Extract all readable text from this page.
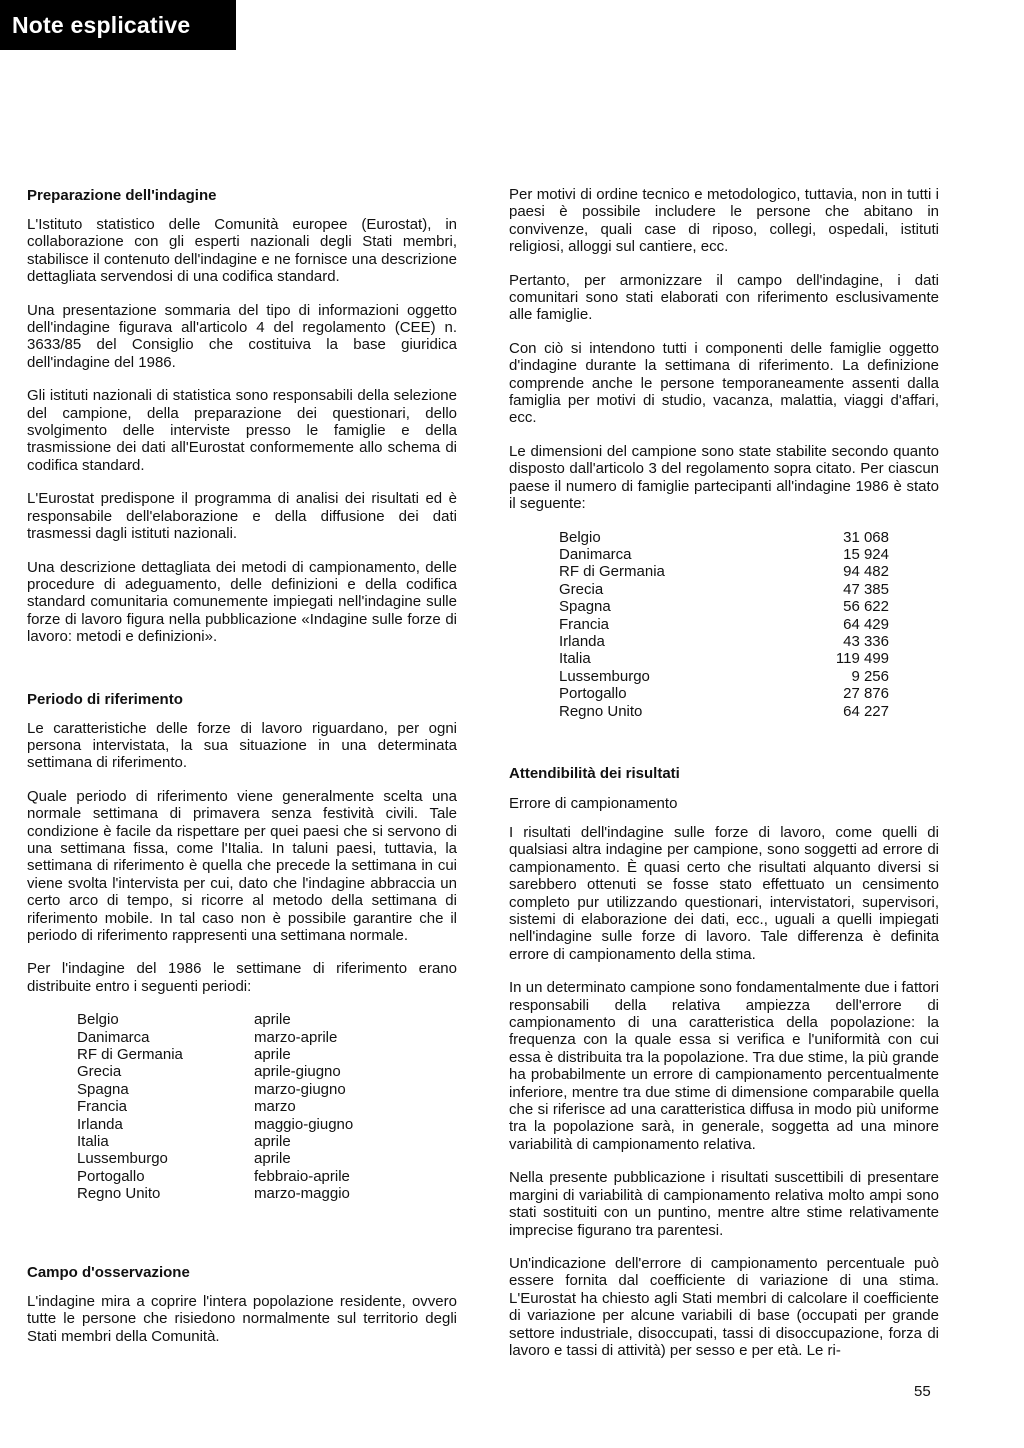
Note esplicative
Preparazione dell'indagine

L'Istituto statistico delle Comunità europee (Eurostat), in collaborazione con gli esperti nazionali degli Stati membri, stabilisce il contenuto dell'indagine e ne fornisce una descrizione dettagliata servendosi di una codifica standard.

Una presentazione sommaria del tipo di informazioni oggetto dell'indagine figurava all'articolo 4 del regolamento (CEE) n. 3633/85 del Consiglio che costituiva la base giuridica dell'indagine del 1986.

Gli istituti nazionali di statistica sono responsabili della selezione del campione, della preparazione dei questionari, dello svolgimento delle interviste presso le famiglie e della trasmissione dei dati all'Eurostat conformemente allo schema di codifica standard.

L'Eurostat predispone il programma di analisi dei risultati ed è responsabile dell'elaborazione e della diffusione dei dati trasmessi dagli istituti nazionali.

Una descrizione dettagliata dei metodi di campionamento, delle procedure di adeguamento, delle definizioni e della codifica standard comunitaria comunemente impiegati nell'indagine sulle forze di lavoro figura nella pubblicazione «Indagine sulle forze di lavoro: metodi e definizioni».

Periodo di riferimento

Le caratteristiche delle forze di lavoro riguardano, per ogni persona intervistata, la sua situazione in una determinata settimana di riferimento.

Quale periodo di riferimento viene generalmente scelta una normale settimana di primavera senza festività civili. Tale condizione è facile da rispettare per quei paesi che si servono di una settimana fissa, come l'Italia. In taluni paesi, tuttavia, la settimana di riferimento è quella che precede la settimana in cui viene svolta l'intervista per cui, dato che l'indagine abbraccia un certo arco di tempo, si ricorre al metodo della settimana di riferimento mobile. In tal caso non è possibile garantire che il periodo di riferimento rappresenti una settimana normale.

Per l'indagine del 1986 le settimane di riferimento erano distribuite entro i seguenti periodi:

Belgio	aprile
Danimarca	marzo-aprile
RF di Germania	aprile
Grecia	aprile-giugno
Spagna	marzo-giugno
Francia	marzo
Irlanda	maggio-giugno
Italia	aprile
Lussemburgo	aprile
Portogallo	febbraio-aprile
Regno Unito	marzo-maggio
Campo d'osservazione

L'indagine mira a coprire l'intera popolazione residente, ovvero tutte le persone che risiedono normalmente sul territorio degli Stati membri della Comunità.

Per motivi di ordine tecnico e metodologico, tuttavia, non in tutti i paesi è possibile includere le persone che abitano in convivenze, quali case di riposo, collegi, ospedali, istituti religiosi, alloggi sul cantiere, ecc.

Pertanto, per armonizzare il campo dell'indagine, i dati comunitari sono stati elaborati con riferimento esclusivamente alle famiglie.

Con ciò si intendono tutti i componenti delle famiglie oggetto d'indagine durante la settimana di riferimento. La definizione comprende anche le persone temporaneamente assenti dalla famiglia per motivi di studio, vacanza, malattia, viaggi d'affari, ecc.

Le dimensioni del campione sono state stabilite secondo quanto disposto dall'articolo 3 del regolamento sopra citato. Per ciascun paese il numero di famiglie partecipanti all'indagine 1986 è stato il seguente:

Belgio	31 068
Danimarca	15 924
RF di Germania	94 482
Grecia	47 385
Spagna	56 622
Francia	64 429
Irlanda	43 336
Italia	119 499
Lussemburgo	9 256
Portogallo	27 876
Regno Unito	64 227
Attendibilità dei risultati
Errore di campionamento

I risultati dell'indagine sulle forze di lavoro, come quelli di qualsiasi altra indagine per campione, sono soggetti ad errore di campionamento. È quasi certo che risultati alquanto diversi si sarebbero ottenuti se fosse stato effettuato un censimento completo pur utilizzando questionari, intervistatori, supervisori, sistemi di elaborazione dei dati, ecc., uguali a quelli impiegati nell'indagine sulle forze di lavoro. Tale differenza è definita errore di campionamento della stima.

In un determinato campione sono fondamentalmente due i fattori responsabili della relativa ampiezza dell'errore di campionamento di una caratteristica della popolazione: la frequenza con la quale essa si verifica e l'uniformità con cui essa è distribuita tra la popolazione. Tra due stime, la più grande ha probabilmente un errore di campionamento percentualmente inferiore, mentre tra due stime di dimensione comparabile quella che si riferisce ad una caratteristica diffusa in modo più uniforme tra la popolazione sarà, in generale, soggetta ad una minore variabilità di campionamento relativa.

Nella presente pubblicazione i risultati suscettibili di presentare margini di variabilità di campionamento relativa molto ampi sono stati sostituiti con un puntino, mentre altre stime relativamente imprecise figurano tra parentesi.

Un'indicazione dell'errore di campionamento percentuale può essere fornita dal coefficiente di variazione di una stima. L'Eurostat ha chiesto agli Stati membri di calcolare il coefficiente di variazione per alcune variabili di base (occupati per grande settore industriale, disoccupati, tassi di disoccupazione, forza di lavoro e tassi di attività) per sesso e per età. Le ri-

55
